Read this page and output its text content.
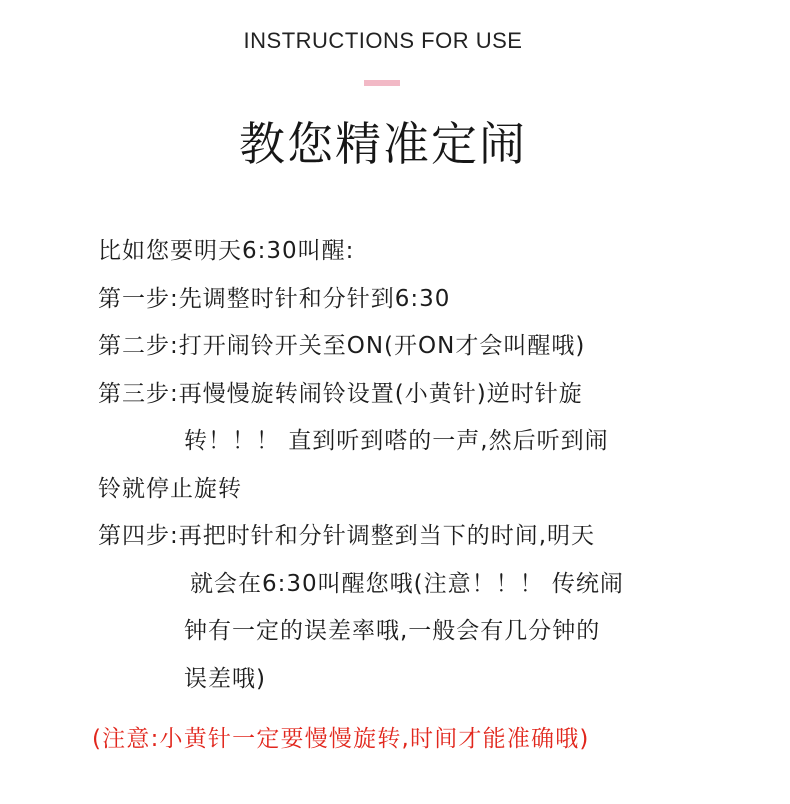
INSTRUCTIONS FOR USE
教您精准定闹
比如您要明天6:30叫醒:
第一步:先调整时针和分针到6:30
第二步:打开闹铃开关至ON(开ON才会叫醒哦)
第三步:再慢慢旋转闹铃设置(小黄针)逆时针旋
转！！！ 直到听到嗒的一声,然后听到闹
铃就停止旋转
第四步:再把时针和分针调整到当下的时间,明天
就会在6:30叫醒您哦(注意！！！ 传统闹
钟有一定的误差率哦,一般会有几分钟的
误差哦)
(注意:小黄针一定要慢慢旋转,时间才能准确哦)
